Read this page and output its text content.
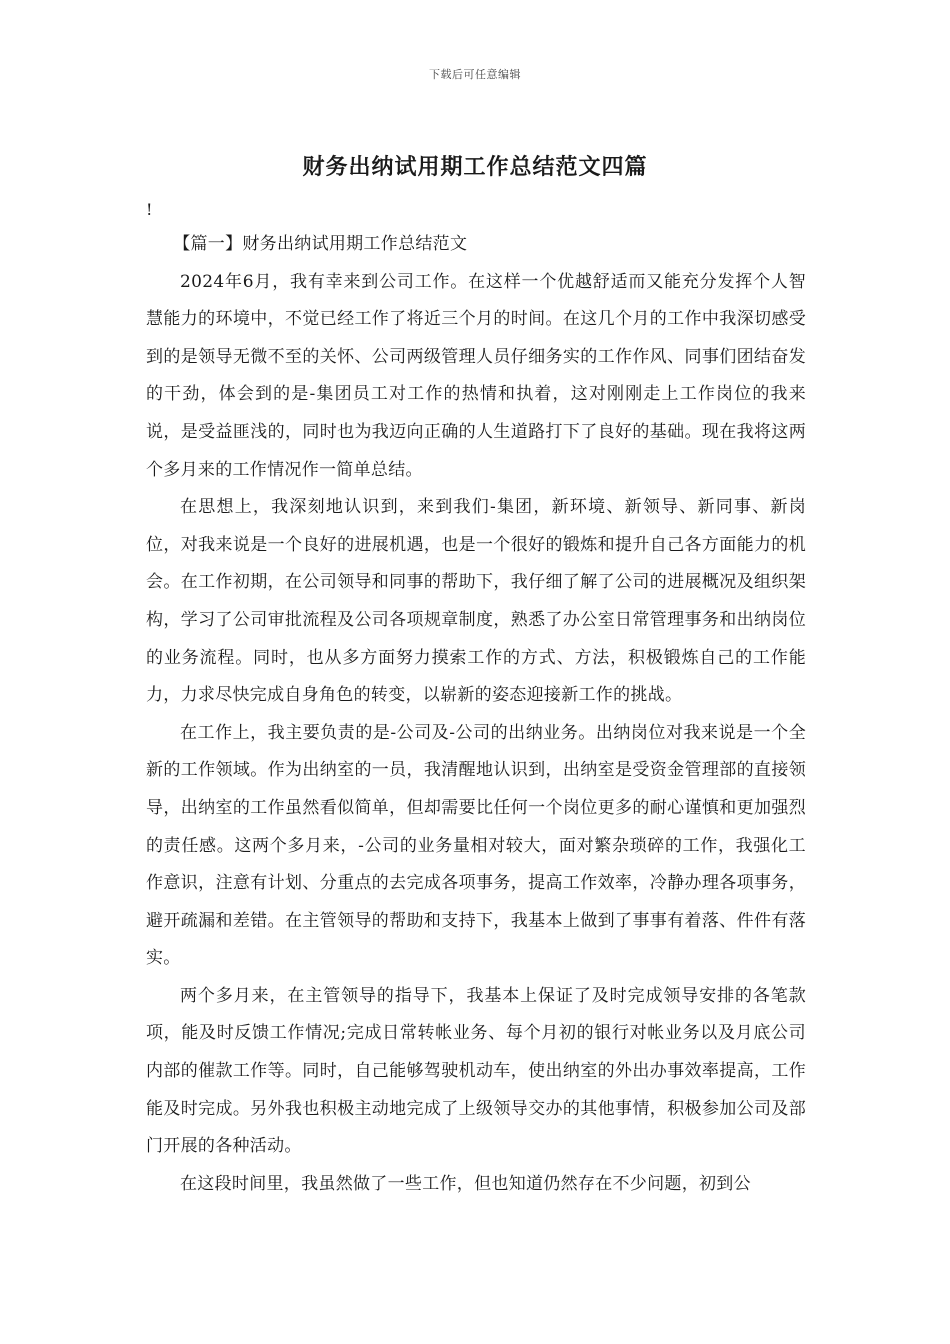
下载后可任意编辑
财务出纳试用期工作总结范文四篇
!

【篇一】财务出纳试用期工作总结范文

2024年6月，我有幸来到公司工作。在这样一个优越舒适而又能充分发挥个人智慧能力的环境中，不觉已经工作了将近三个月的时间。在这几个月的工作中我深切感受到的是领导无微不至的关怀、公司两级管理人员仔细务实的工作作风、同事们团结奋发的干劲，体会到的是-集团员工对工作的热情和执着，这对刚刚走上工作岗位的我来说，是受益匪浅的，同时也为我迈向正确的人生道路打下了良好的基础。现在我将这两个多月来的工作情况作一简单总结。

在思想上，我深刻地认识到，来到我们-集团，新环境、新领导、新同事、新岗位，对我来说是一个良好的进展机遇，也是一个很好的锻炼和提升自己各方面能力的机会。在工作初期，在公司领导和同事的帮助下，我仔细了解了公司的进展概况及组织架构，学习了公司审批流程及公司各项规章制度，熟悉了办公室日常管理事务和出纳岗位的业务流程。同时，也从多方面努力摸索工作的方式、方法，积极锻炼自己的工作能力，力求尽快完成自身角色的转变，以崭新的姿态迎接新工作的挑战。

在工作上，我主要负责的是-公司及-公司的出纳业务。出纳岗位对我来说是一个全新的工作领域。作为出纳室的一员，我清醒地认识到，出纳室是受资金管理部的直接领导，出纳室的工作虽然看似简单，但却需要比任何一个岗位更多的耐心谨慎和更加强烈的责任感。这两个多月来，-公司的业务量相对较大，面对繁杂琐碎的工作，我强化工作意识，注意有计划、分重点的去完成各项事务，提高工作效率，冷静办理各项事务，避开疏漏和差错。在主管领导的帮助和支持下，我基本上做到了事事有着落、件件有落实。

两个多月来，在主管领导的指导下，我基本上保证了及时完成领导安排的各笔款项，能及时反馈工作情况;完成日常转帐业务、每个月初的银行对帐业务以及月底公司内部的催款工作等。同时，自己能够驾驶机动车，使出纳室的外出办事效率提高，工作能及时完成。另外我也积极主动地完成了上级领导交办的其他事情，积极参加公司及部门开展的各种活动。

在这段时间里，我虽然做了一些工作，但也知道仍然存在不少问题，初到公
